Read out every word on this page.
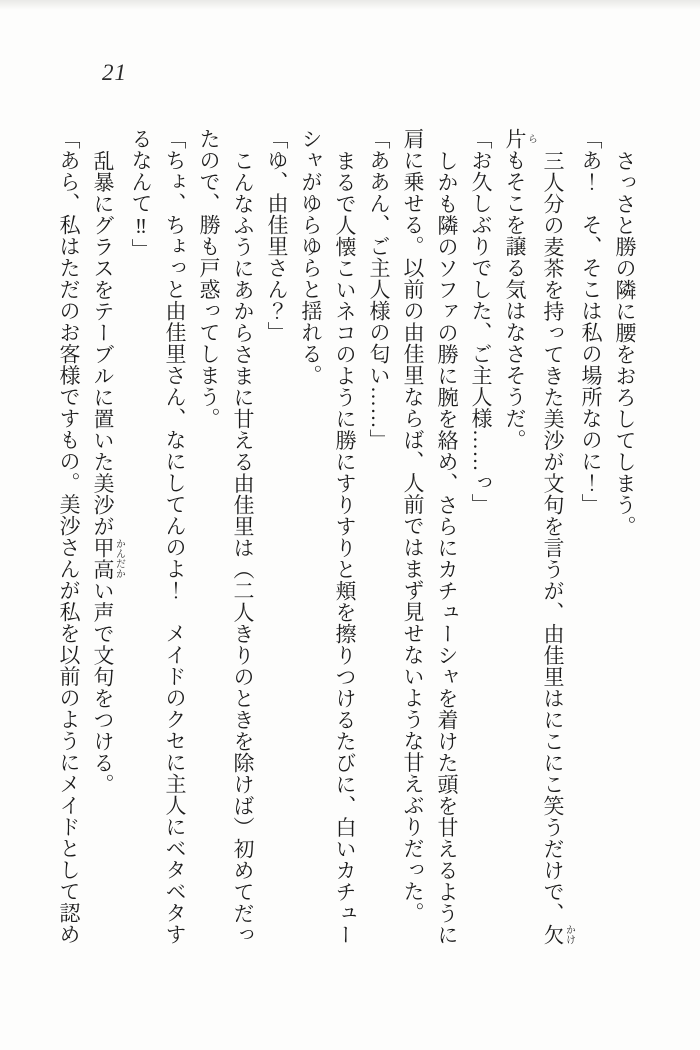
21

さっさと勝の隣に腰をおろしてしまう。

「あ！　そ、そこは私の場所なのに！」

三人分の麦茶を持ってきた美沙が文句を言うが、由佳里はにこにこ笑うだけで、欠かけ

片らもそこを譲る気はなさそうだ。

「お久しぶりでした、ご主人様……っ」

しかも隣のソファの勝に腕を絡め、さらにカチューシャを着けた頭を甘えるように

肩に乗せる。以前の由佳里ならば、人前ではまず見せないような甘えぶりだった。

「ああん、ご主人様の匂い……」

まるで人懐こいネコのように勝にすりすりと頬を擦りつけるたびに、白いカチュー

シャがゆらゆらと揺れる。

「ゆ、由佳里さん？」

こんなふうにあからさまに甘える由佳里は（二人きりのときを除けば）初めてだっ

たので、勝も戸惑ってしまう。

「ちょ、ちょっと由佳里さん、なにしてんのよ！　メイドのクセに主人にベタベタす

るなんて‼」

乱暴にグラスをテーブルに置いた美沙が甲高かんだかい声で文句をつける。

「あら、私はただのお客様ですもの。美沙さんが私を以前のようにメイドとして認め
